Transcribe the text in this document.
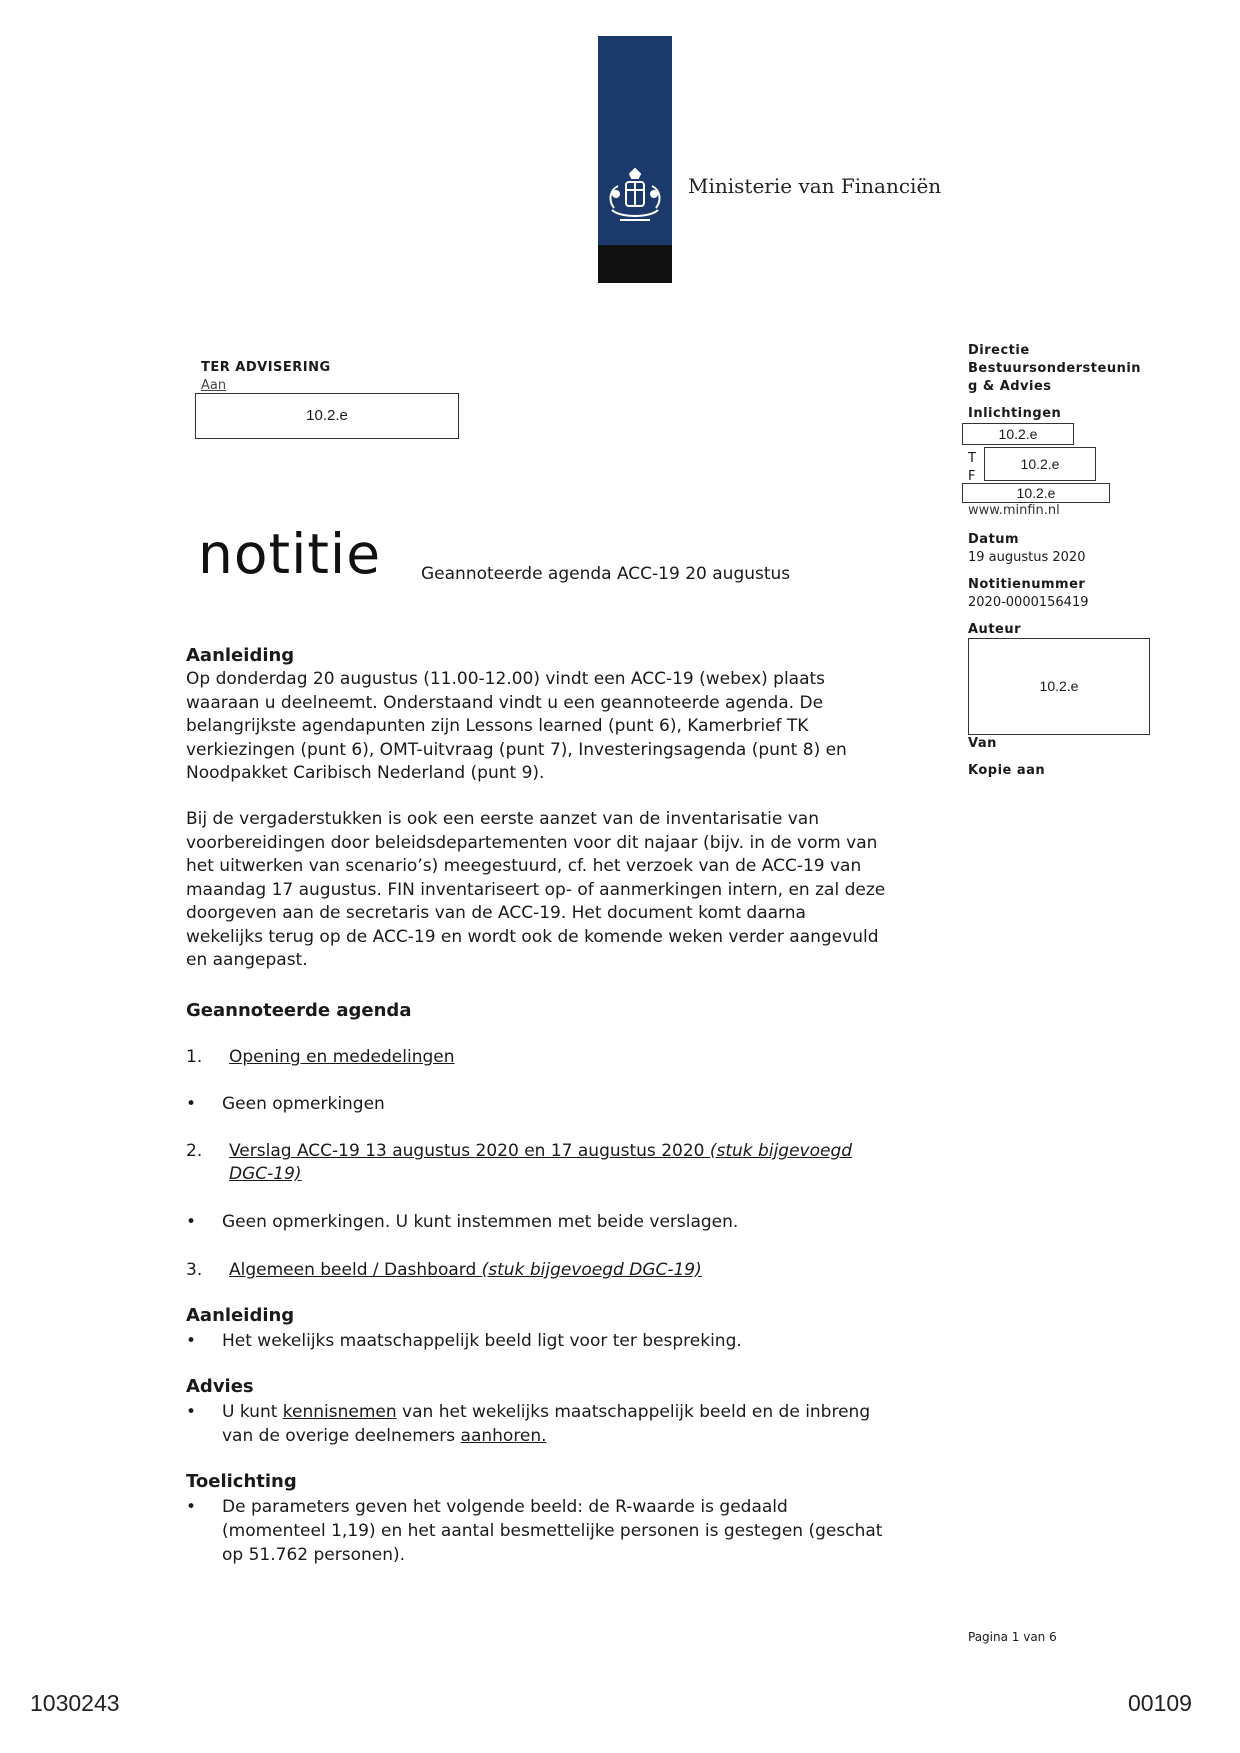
Ministerie van Financiën
TER ADVISERING
Aan
10.2.e
notitie Geannoteerde agenda ACC-19 20 augustus
Directie
Bestuursondersteunin
g & Advies
Inlichtingen
10.2.e
T	10.2.e
F
10.2.e
www.minfin.nl
Datum
19 augustus 2020
Notitienummer
2020-0000156419
Auteur
10.2.e
Van
Kopie aan
Aanleiding
Op donderdag 20 augustus (11.00-12.00) vindt een ACC-19 (webex) plaats
waaraan u deelneemt. Onderstaand vindt u een geannoteerde agenda. De
belangrijkste agendapunten zijn Lessons learned (punt 6), Kamerbrief TK
verkiezingen (punt 6), OMT-uitvraag (punt 7), Investeringsagenda (punt 8) en
Noodpakket Caribisch Nederland (punt 9).
Bij de vergaderstukken is ook een eerste aanzet van de inventarisatie van
voorbereidingen door beleidsdepartementen voor dit najaar (bijv. in de vorm van
het uitwerken van scenario’s) meegestuurd, cf. het verzoek van de ACC-19 van
maandag 17 augustus. FIN inventariseert op- of aanmerkingen intern, en zal deze
doorgeven aan de secretaris van de ACC-19. Het document komt daarna
wekelijks terug op de ACC-19 en wordt ook de komende weken verder aangevuld
en aangepast.
Geannoteerde agenda
1. Opening en mededelingen
•	Geen opmerkingen
2. Verslag ACC-19 13 augustus 2020 en 17 augustus 2020 (stuk bijgevoegd
DGC-19)
•	Geen opmerkingen. U kunt instemmen met beide verslagen.
3. Algemeen beeld / Dashboard (stuk bijgevoegd DGC-19)
Aanleiding
•	Het wekelijks maatschappelijk beeld ligt voor ter bespreking.
Advies
•	U kunt kennisnemen van het wekelijks maatschappelijk beeld en de inbreng
van de overige deelnemers aanhoren.
Toelichting
•	De parameters geven het volgende beeld: de R-waarde is gedaald
(momenteel 1,19) en het aantal besmettelijke personen is gestegen (geschat
op 51.762 personen).
Pagina 1 van 6
1030243	00109
